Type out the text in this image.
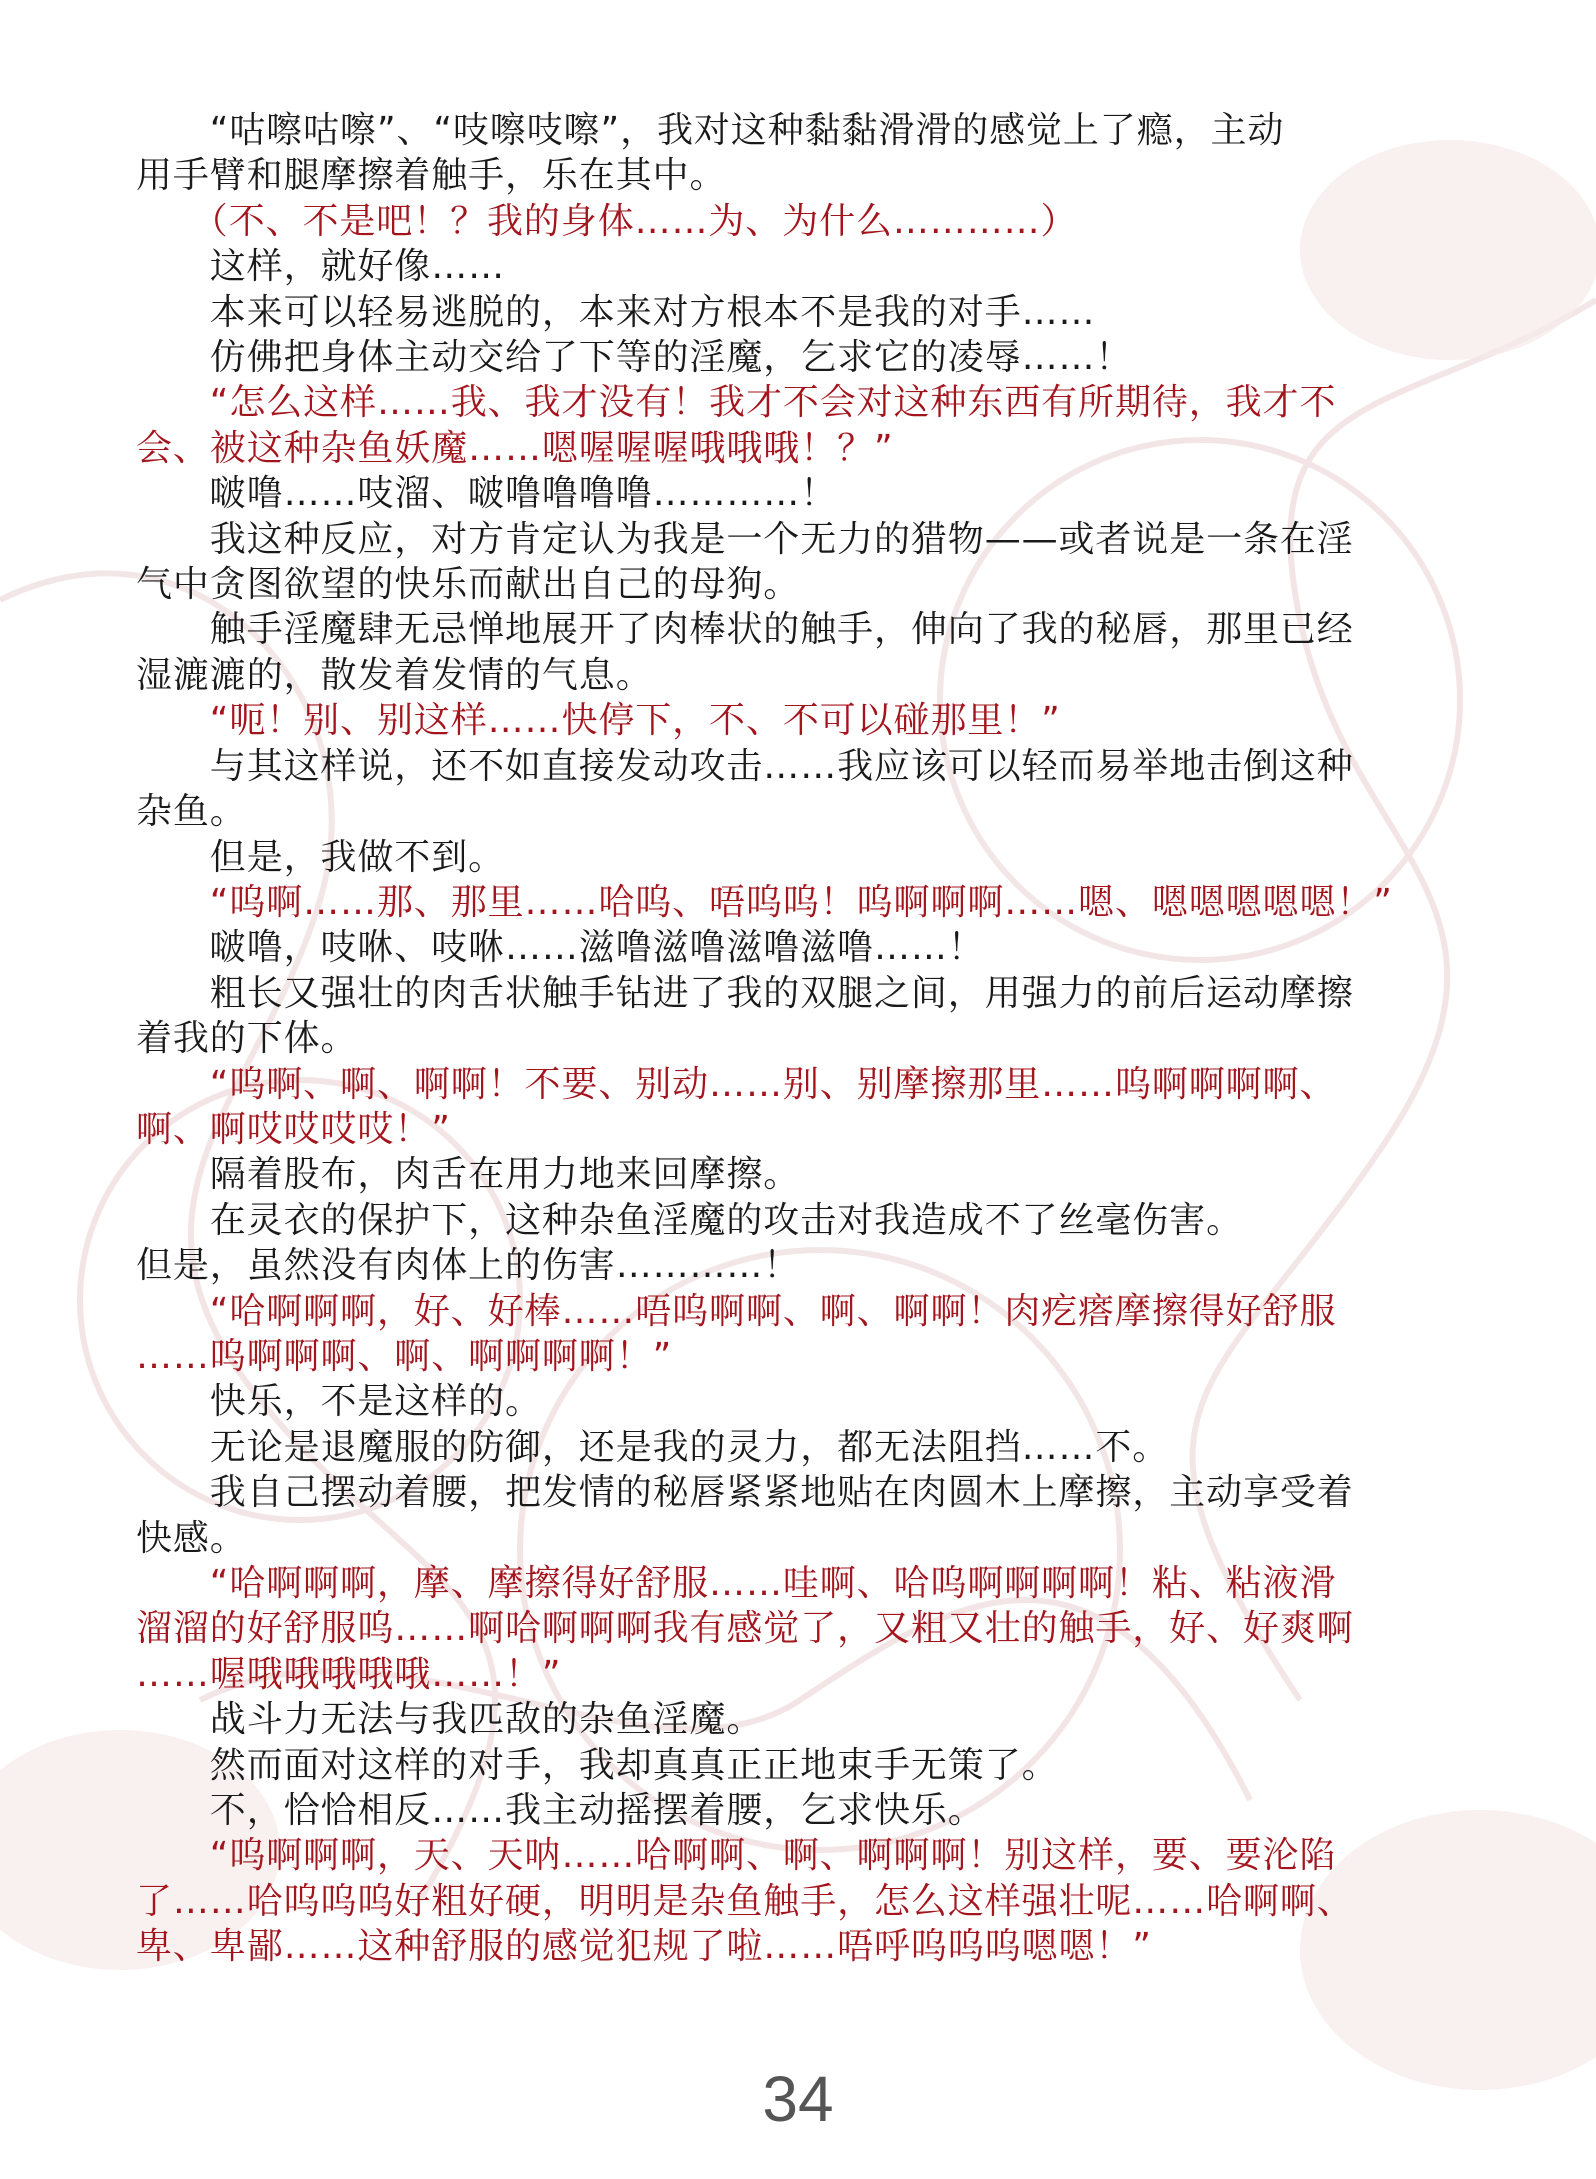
　　“咕嚓咕嚓”、“吱嚓吱嚓”，我对这种黏黏滑滑的感觉上了瘾，主动
用手臂和腿摩擦着触手，乐在其中。
　　（不、不是吧！？我的身体……为、为什么…………）
　　这样，就好像……
　　本来可以轻易逃脱的，本来对方根本不是我的对手……
　　仿佛把身体主动交给了下等的淫魔，乞求它的凌辱……！
　　“怎么这样……我、我才没有！我才不会对这种东西有所期待，我才不
会、被这种杂鱼妖魔……嗯喔喔喔哦哦哦！？”
　　啵噜……吱溜、啵噜噜噜噜…………！
　　我这种反应，对方肯定认为我是一个无力的猎物——或者说是一条在淫
气中贪图欲望的快乐而献出自己的母狗。
　　触手淫魔肆无忌惮地展开了肉棒状的触手，伸向了我的秘唇，那里已经
湿漉漉的，散发着发情的气息。
　　“呃！别、别这样……快停下，不、不可以碰那里！”
　　与其这样说，还不如直接发动攻击……我应该可以轻而易举地击倒这种
杂鱼。
　　但是，我做不到。
　　“呜啊……那、那里……哈呜、唔呜呜！呜啊啊啊……嗯、嗯嗯嗯嗯嗯！”
　　啵噜，吱咻、吱咻……滋噜滋噜滋噜滋噜……！
　　粗长又强壮的肉舌状触手钻进了我的双腿之间，用强力的前后运动摩擦
着我的下体。
　　“呜啊、啊、啊啊！不要、别动……别、别摩擦那里……呜啊啊啊啊、
啊、啊哎哎哎哎！”
　　隔着股布，肉舌在用力地来回摩擦。
　　在灵衣的保护下，这种杂鱼淫魔的攻击对我造成不了丝毫伤害。
但是，虽然没有肉体上的伤害…………！
　　“哈啊啊啊，好、好棒……唔呜啊啊、啊、啊啊！肉疙瘩摩擦得好舒服
……呜啊啊啊、啊、啊啊啊啊！”
　　快乐，不是这样的。
　　无论是退魔服的防御，还是我的灵力，都无法阻挡……不。
　　我自己摆动着腰，把发情的秘唇紧紧地贴在肉圆木上摩擦，主动享受着
快感。
　　“哈啊啊啊，摩、摩擦得好舒服……哇啊、哈呜啊啊啊啊！粘、粘液滑
溜溜的好舒服呜……啊哈啊啊啊我有感觉了，又粗又壮的触手，好、好爽啊
……喔哦哦哦哦哦……！”
　　战斗力无法与我匹敌的杂鱼淫魔。
　　然而面对这样的对手，我却真真正正地束手无策了。
　　不，恰恰相反……我主动摇摆着腰，乞求快乐。
　　“呜啊啊啊，天、天呐……哈啊啊、啊、啊啊啊！别这样，要、要沦陷
了……哈呜呜呜好粗好硬，明明是杂鱼触手，怎么这样强壮呢……哈啊啊、
卑、卑鄙……这种舒服的感觉犯规了啦……唔呼呜呜呜嗯嗯！”
34
